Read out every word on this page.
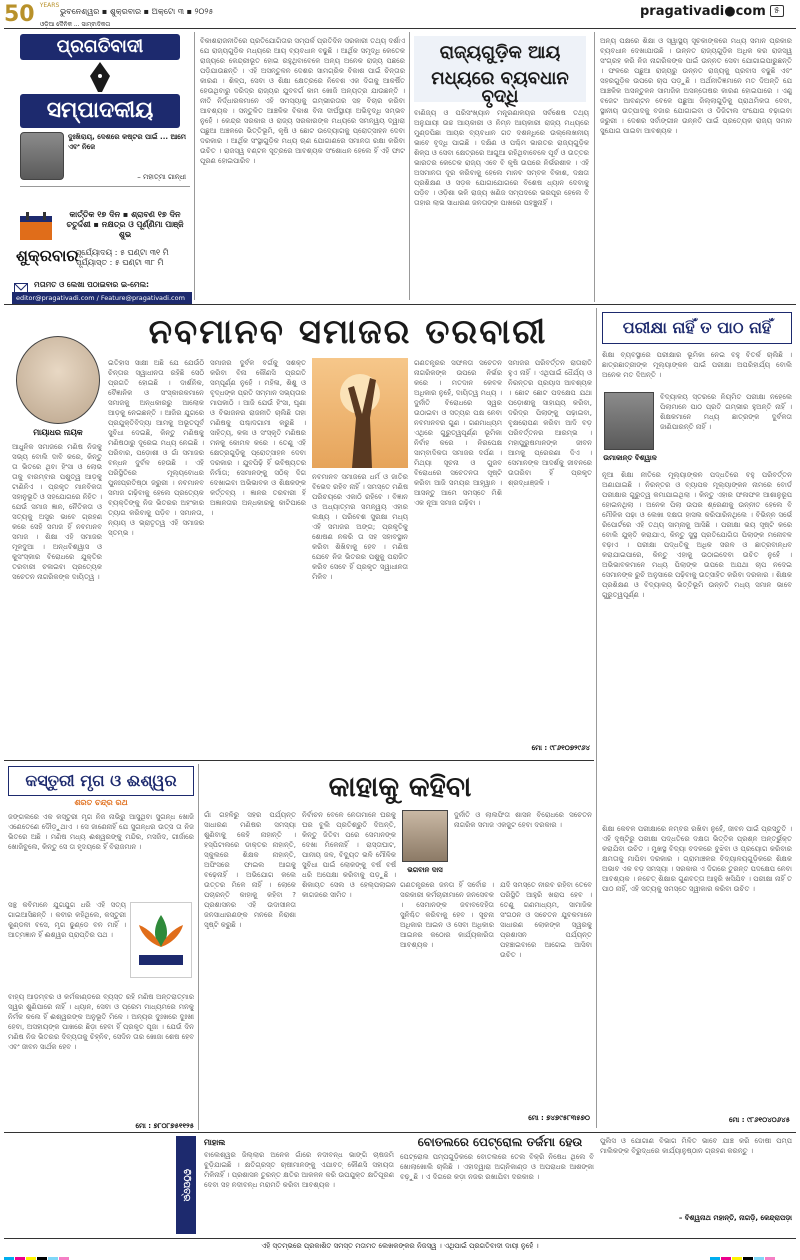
50 $^{YEARS}$
ଭୁବନେଶ୍ୱର ▪ ଶୁକ୍ରବାର ▪ ଅକ୍ଟୋ ୩ ▪ ୨୦୨୫	pragativadi●com ୫
ଓଡ଼ିଆ ଦୈନିକ ... ସାମ୍ବାଦିକତା
ପ୍ରଗତିବାଦୀ
ସମ୍ପାଦକୀୟ
ଦୁଃଖିରାୟ, ଦେଶରେ କଷ୍ଟର ପାଇଁ ... ଆମେ ଏବଂ ନିଜେ
– ମହାତ୍ମା ଗାନ୍ଧୀ
କାର୍ତ୍ତିକ ୧୭ ଦିନ ▪ ଶ୍ରାବଣ ୧୭ ଦିନ ଚତୁର୍ଦ୍ଦଶୀ ▪ ନକ୍ଷତ୍ର ଓ ପୂର୍ଣ୍ଣିମା ପାଞ୍ଜି ଶୁଭ
ଶୁକ୍ରବାର
ସୂର୍ଯ୍ୟୋଦୟ : ୫ ଘଣ୍ଟା ୩୧ ମି
ସୂର୍ଯ୍ୟାସ୍ତ : ୫ ଘଣ୍ଟା ୩୮ ମି
ମତାମତ ଓ ଲେଖା ପଠାଇବାର ଇ-ମେଲ:
editor@pragativadi.com / Feature@pragativadi.com
ବିକାଶରାଜନୀତିରେ ପ୍ରତିଯୋଗିତାର ସମ୍ପର୍କ ପ୍ରତିଦିନ ସରକାରୀ ତଥ୍ୟ ଦର୍ଶାଏ ଯେ ରାଜ୍ୟଗୁଡ଼ିକ ମଧ୍ୟରେ ଆୟ ବ୍ୟବଧାନ ବଢୁଛି । ଆର୍ଥିକ ସମୃଦ୍ଧି କେତେକ ରାଜ୍ୟରେ କେନ୍ଦ୍ରୀଭୂତ ହୋଇ ରହୁଥିବାବେଳେ ଅନ୍ୟ ଅନେକ ରାଜ୍ୟ ପଛରେ ପଡ଼ିଯାଉଛନ୍ତି । ଏହି ଅସନ୍ତୁଳନ ଦେଶର ସାମଗ୍ରିକ ବିକାଶ ପାଇଁ ଚିନ୍ତାର କାରଣ । ଶିଳ୍ପ, ସେବା ଓ ଶିକ୍ଷା କ୍ଷେତ୍ରରେ ନିବେଶ ଏକ ଦିଗକୁ ଆକର୍ଷିତ ହେଉଥିବାରୁ ଦରିଦ୍ର ରାଜ୍ୟର ଯୁବବର୍ଗ କାମ ଖୋଜି ଅନ୍ୟତ୍ର ଯାଉଛନ୍ତି । ନୀତି ନିର୍ଦ୍ଧାରକମାନେ ଏହି ସମସ୍ୟାକୁ ଗମ୍ଭୀରତାର ସହ ବିଚାର କରିବା ଆବଶ୍ୟକ । ସନ୍ତୁଳିତ ଆଞ୍ଚଳିକ ବିକାଶ ବିନା ଦୀର୍ଘସ୍ଥାୟୀ ଅଭିବୃଦ୍ଧି ସମ୍ଭବ ନୁହେଁ । କେନ୍ଦ୍ର ସରକାର ଓ ରାଜ୍ୟ ସରକାରଙ୍କ ମଧ୍ୟରେ ସମନ୍ୱୟ ଦ୍ୱାରା ପଛୁଆ ଅଞ୍ଚଳରେ ଭିତ୍ତିଭୂମି, କୃଷି ଓ ଛୋଟ ଉଦ୍ୟୋଗକୁ ପ୍ରୋତ୍ସାହନ ଦେବା ଦରକାର । ଆର୍ଥିକ ସଂସ୍ଥାଗୁଡ଼ିକ ମଧ୍ୟ ଋଣ ଯୋଗାଣରେ ସମାନତା ରକ୍ଷା କରିବା ଉଚିତ । ରାଜସ୍ୱ ବଣ୍ଟନ ସୂତ୍ରରେ ଆବଶ୍ୟକ ସଂଶୋଧନ ହେଲେ ହିଁ ଏହି ଫାଟ ପୂରଣ ହୋଇପାରିବ ।
ରାଜ୍ୟଗୁଡ଼ିକ ଆୟ
ମଧ୍ୟରେ ବ୍ୟବଧାନ ବୃଦ୍ଧି
ବାଣିଜ୍ୟ ଓ ପରିସଂଖ୍ୟାନ ମନ୍ତ୍ରଣାଳୟର ସର୍ବଶେଷ ତଥ୍ୟ ଅନୁଯାୟୀ ଉଚ୍ଚ ଆୟକାରୀ ଓ ନିମ୍ନ ଆୟକାରୀ ରାଜ୍ୟ ମଧ୍ୟରେ ମୁଣ୍ଡପିଛା ଆୟର ବ୍ୟବଧାନ ଗତ ଦଶନ୍ଧିରେ ଉଲ୍ଲେଖନୀୟ ଭାବେ ବୃଦ୍ଧି ପାଇଛି । ଦକ୍ଷିଣ ଓ ପଶ୍ଚିମ ଭାରତର ରାଜ୍ୟଗୁଡ଼ିକ ଶିଳ୍ପ ଓ ସେବା କ୍ଷେତ୍ରରେ ଆଗୁଆ ରହିଥିବାବେଳେ ପୂର୍ବ ଓ ଉତ୍ତର ଭାରତର କେତେକ ରାଜ୍ୟ ଏବେ ବି କୃଷି ଉପରେ ନିର୍ଭରଶୀଳ । ଏହି ଅସମାନତା ଦୂର କରିବାକୁ ହେଲେ ମାନବ ସମ୍ବଳ ବିକାଶ, ଦକ୍ଷତା ପ୍ରଶିକ୍ଷଣ ଓ ସଡ଼କ ଯୋଗାଯୋଗରେ ବିଶେଷ ଧ୍ୟାନ ଦେବାକୁ ପଡ଼ିବ । ଓଡ଼ିଶା ଭଳି ରାଜ୍ୟ ଖଣିଜ ସମ୍ପଦରେ ଭରପୂର ହେଲେ ବି ତାହାର ଲାଭ ସାଧାରଣ ଜନତାଙ୍କ ପାଖରେ ପହଞ୍ଚୁନାହିଁ ।
ଅନ୍ୟ ପକ୍ଷରେ ଶିକ୍ଷା ଓ ସ୍ୱାସ୍ଥ୍ୟ ସୂଚକାଙ୍କରେ ମଧ୍ୟ ସମାନ ପ୍ରକାର ବ୍ୟବଧାନ ଦେଖାଯାଉଛି । ଉନ୍ନତ ରାଜ୍ୟଗୁଡ଼ିକ ଅଧିକ କର ରାଜସ୍ୱ ସଂଗ୍ରହ କରି ନିଜ ନାଗରିକଙ୍କ ପାଇଁ ଉନ୍ନତ ସେବା ଯୋଗାଇପାରୁଛନ୍ତି । ଫଳରେ ପଛୁଆ ରାଜ୍ୟରୁ ଉନ୍ନତ ରାଜ୍ୟକୁ ପ୍ରବାସ ବଢୁଛି ଏବଂ ସହରଗୁଡ଼ିକ ଉପରେ ଚାପ ପଡ଼ୁଛି । ଅର୍ଥନୀତିଜ୍ଞମାନେ ମତ ଦିଅନ୍ତି ଯେ ଆଞ୍ଚଳିକ ଅସନ୍ତୁଳନ ସାମାଜିକ ଅସନ୍ତୋଷର କାରଣ ହୋଇପାରେ । ଏଣୁ ବଜେଟ ଆବଣ୍ଟନ ବେଳେ ପଛୁଆ ଜିଲ୍ଲାଗୁଡ଼ିକୁ ପ୍ରାଥମିକତା ଦେବା, ସ୍ଥାନୀୟ ଉତ୍ପାଦକୁ ବଜାର ଯୋଗାଇବା ଓ ଡିଜିଟାଲ ସଂଯୋଗ ବଢ଼ାଇବା ଜରୁରୀ । ଦେଶର ସର୍ବାଙ୍ଗୀନ ଉନ୍ନତି ପାଇଁ ପ୍ରତ୍ୟେକ ରାଜ୍ୟ ସମାନ ସୁଯୋଗ ପାଇବା ଆବଶ୍ୟକ ।
ନବମାନବ ସମାଜର ତରବାରୀ
ମାୟାଧର ନାୟକ
ଆଧୁନିକ ସମାଜରେ ମଣିଷ ନିଜକୁ ସଭ୍ୟ ବୋଲି ଦାବି କରେ, କିନ୍ତୁ ତା ଭିତରେ ଥିବା ହିଂସା ଓ ଲୋଭ ତାକୁ ବାରମ୍ବାର ପଶୁତ୍ୱ ଆଡ଼କୁ ଟାଣିନିଏ । ପ୍ରକୃତ ମାନବିକତା ସହାନୁଭୂତି ଓ ସହଯୋଗରେ ନିହିତ । ଯେଉଁ ସମାଜ ଜ୍ଞାନ, ନୈତିକତା ଓ ସତ୍ୟକୁ ଅସ୍ତ୍ର ଭାବେ ଗ୍ରହଣ କରେ ସେହି ସମାଜ ହିଁ ନବମାନବ ସମାଜ । ଶିକ୍ଷା ଏହି ସମାଜର ମୂଳଦୁଆ । ଅନ୍ଧବିଶ୍ୱାସ ଓ କୁସଂସ୍କାର ବିରୋଧରେ ଯୁକ୍ତିର ତରବାରୀ ଚଳାଇବା ପ୍ରତ୍ୟେକ ସଚେତନ ନାଗରିକଙ୍କ ଦାୟିତ୍ୱ ।
ଇତିହାସ ସାକ୍ଷୀ ଅଛି ଯେ ଯେଉଁଠି ଚିନ୍ତାର ସ୍ୱାଧୀନତା ରହିଛି ସେଠି ପ୍ରଗତି ହୋଇଛି । ଦାର୍ଶନିକ, ବୈଜ୍ଞାନିକ ଓ ସଂସ୍କାରକମାନେ ସମାଜକୁ ଅନ୍ଧକାରରୁ ଆଲୋକ ଆଡ଼କୁ ନେଇଛନ୍ତି । ଆଜିର ଯୁଗରେ ପ୍ରଯୁକ୍ତିବିଦ୍ୟା ଆମକୁ ଅଭୂତପୂର୍ବ ସୁବିଧା ଦେଇଛି, କିନ୍ତୁ ମଣିଷକୁ ମଣିଷଠାରୁ ଦୂରେଇ ମଧ୍ୟ ନେଇଛି । ପରିବାର, ପଡ଼ୋଶୀ ଓ ଗାଁ ସମାଜର ବନ୍ଧନ ଦୁର୍ବଳ ହେଉଛି । ଏହି ପରିସ୍ଥିତିରେ ମୂଲ୍ୟବୋଧର ପୁନଃପ୍ରତିଷ୍ଠା ଜରୁରୀ । ନବମାନବ ସମାଜ ଗଢ଼ିବାକୁ ହେଲେ ପ୍ରତ୍ୟେକ ବ୍ୟକ୍ତିଙ୍କୁ ନିଜ ଭିତରର ଅହଂକାର ତ୍ୟାଗ କରିବାକୁ ପଡ଼ିବ । ସମାନତା, ନ୍ୟାୟ ଓ ଭ୍ରାତୃତ୍ୱ ଏହି ସମାଜର ସ୍ତମ୍ଭ ।
ସମାଜର ଦୁର୍ବଳ ବର୍ଗକୁ ସଶକ୍ତ କରିବା ବିନା କୌଣସି ପ୍ରଗତି ସମ୍ପୂର୍ଣ୍ଣ ନୁହେଁ । ମହିଳା, ଶିଶୁ ଓ ବୃଦ୍ଧଙ୍କ ପ୍ରତି ସମ୍ମାନ ସଭ୍ୟତାର ମାପକାଠି । ଆଜି ଯେଉଁ ହିଂସା, ଘୃଣା ଓ ବିଭାଜନର ରାଜନୀତି ଚାଲିଛି ତାହା ମଣିଷକୁ ପଶ୍ଚାଦଗାମୀ କରୁଛି । ସାହିତ୍ୟ, କଳା ଓ ସଂସ୍କୃତି ମଣିଷର ମନକୁ କୋମଳ କରେ । ତେଣୁ ଏହି କ୍ଷେତ୍ରଗୁଡ଼ିକୁ ପ୍ରୋତ୍ସାହନ ଦେବା ଦରକାର । ଯୁବପିଢ଼ି ହିଁ ଭବିଷ୍ୟତର ନିର୍ମାତା; ସେମାନଙ୍କୁ ସଠିକ୍ ଦିଗ ଦେଖାଇବା ଅଭିଭାବକ ଓ ଶିକ୍ଷକଙ୍କ କର୍ତ୍ତବ୍ୟ । ଜ୍ଞାନର ତରବାରୀ ହିଁ ଅଜ୍ଞାନତାର ଅନ୍ଧକାରକୁ କାଟିପାରେ ।
ନବମାନବ ସମାଜରେ ଧର୍ମ ଓ ଜାତିର ବିଭେଦ ରହିବ ନାହିଁ । ସମସ୍ତେ ମଣିଷ ପରିଚୟରେ ଏକାଠି ରହିବେ । ବିଜ୍ଞାନ ଓ ଅଧ୍ୟାତ୍ମର ସମନ୍ୱୟ ଏହାର ଲକ୍ଷ୍ୟ । ପରିବେଶ ସୁରକ୍ଷା ମଧ୍ୟ ଏହି ସମାଜର ଅଙ୍ଗ; ପ୍ରକୃତିକୁ ଶୋଷଣ ନକରି ତା ସହ ସହାବସ୍ଥାନ କରିବା ଶିଖିବାକୁ ହେବ । ମଣିଷ ଯେବେ ନିଜ ଭିତରର ପଶୁକୁ ପରାଜିତ କରିବ ସେବେ ହିଁ ପ୍ରକୃତ ସ୍ୱାଧୀନତା ମିଳିବ ।
ଗଣତନ୍ତ୍ରର ସଫଳତା ସଚେତନ ନାଗରିକଙ୍କ ଉପରେ ନିର୍ଭର କରେ । ମତଦାନ କେବଳ ଅଧିକାର ନୁହେଁ, ଦାୟିତ୍ୱ ମଧ୍ୟ । ଦୁର୍ନୀତି ବିରୋଧରେ ସ୍ୱର ଉଠାଇବା ଓ ସତ୍ୟର ପକ୍ଷ ନେବା ନବମାନବର ଗୁଣ । ଗଣମାଧ୍ୟମ ଏଥିରେ ଗୁରୁତ୍ୱପୂର୍ଣ୍ଣ ଭୂମିକା ନିର୍ବାହ କରେ । ନିରପେକ୍ଷ ସାମ୍ବାଦିକତା ସମାଜର ଦର୍ପଣ । ମିଥ୍ୟା ସୂଚନା ଓ ଗୁଜବ ବିରୋଧରେ ସଚେତନତା ସୃଷ୍ଟି କରିବା ଆଜି ସମୟର ଆହ୍ୱାନ । ଆସନ୍ତୁ ଆମେ ସମସ୍ତେ ମିଶି ଏକ ନୂଆ ସମାଜ ଗଢ଼ିବା ।
ସମାଜର ପରିବର୍ତ୍ତନ ରାତାରାତି ହୁଏ ନାହିଁ । ଏଥିପାଇଁ ଧୈର୍ଯ୍ୟ ଓ ନିରନ୍ତର ପ୍ରୟାସ ଆବଶ୍ୟକ । ଛୋଟ ଛୋଟ ପଦକ୍ଷେପ ଯଥା ପଡ଼ୋଶୀକୁ ସାହାଯ୍ୟ କରିବା, ଦରିଦ୍ର ପିଲାଙ୍କୁ ପଢ଼ାଇବା, ବୃକ୍ଷରୋପଣ କରିବା ଆଦି ବଡ଼ ପରିବର୍ତ୍ତନର ଆରମ୍ଭ । ମହାପୁରୁଷମାନଙ୍କ ଜୀବନ ଆମକୁ ପ୍ରେରଣା ଦିଏ । ସେମାନଙ୍କ ଆଦର୍ଶକୁ ଜୀବନରେ ଉତାରିବା ହିଁ ପ୍ରକୃତ ଶ୍ରଦ୍ଧାଞ୍ଜଳି ।
ମୋ : ୯୮୬୧୦୭୨୯୬୪
ପରୀକ୍ଷା ନାହିଁ ତ ପାଠ ନାହିଁ
ଶିକ୍ଷା ବ୍ୟବସ୍ଥାରେ ପରୀକ୍ଷାର ଭୂମିକା ନେଇ ବହୁ ବିତର୍କ ଚାଲିଛି । ଛାତ୍ରଛାତ୍ରୀଙ୍କ ମୂଲ୍ୟାଙ୍କନ ପାଇଁ ପରୀକ୍ଷା ଅପରିହାର୍ଯ୍ୟ ବୋଲି ଅନେକ ମତ ଦିଅନ୍ତି ।
ଉମାକାନ୍ତ ବିଶ୍ୱାଳ
ବିଦ୍ୟାଳୟ ସ୍ତରରେ ନିୟମିତ ପରୀକ୍ଷା ନହେଲେ ପିଲାମାନେ ପାଠ ପ୍ରତି ଗମ୍ଭୀର ହୁଅନ୍ତି ନାହିଁ । ଶିକ୍ଷକମାନେ ମଧ୍ୟ ଛାତ୍ରଙ୍କ ଦୁର୍ବଳତା ଜାଣିପାରନ୍ତି ନାହିଁ ।
ନୂଆ ଶିକ୍ଷା ନୀତିରେ ମୂଲ୍ୟାଙ୍କନ ପଦ୍ଧତିରେ ବହୁ ପରିବର୍ତ୍ତନ ଅଣାଯାଇଛି । ନିରନ୍ତର ଓ ବ୍ୟାପକ ମୂଲ୍ୟାଙ୍କନ ନାମରେ ବୋର୍ଡ ପରୀକ୍ଷାର ଗୁରୁତ୍ୱ କମାଯାଇଥିଲା । କିନ୍ତୁ ଏହାର ଫଳାଫଳ ଆଶାନୁରୂପ ହୋଇନଥିଲା । ଅନେକ ପିଲା ଉପର ଶ୍ରେଣୀକୁ ଉନ୍ନୀତ ହେଲେ ବି ମୌଳିକ ପଢ଼ା ଓ ଲେଖା ଦକ୍ଷତା ହାସଲ କରିପାରିନଥିଲେ । ବିଭିନ୍ନ ସର୍ଭେ ରିପୋର୍ଟରେ ଏହି ତଥ୍ୟ ସାମ୍ନାକୁ ଆସିଛି । ପରୀକ୍ଷା ଭୟ ସୃଷ୍ଟି କରେ ବୋଲି ଯୁକ୍ତି କରାଯାଏ, କିନ୍ତୁ ସୁସ୍ଥ ପ୍ରତିଯୋଗିତା ପିଲାଙ୍କ ମନୋବଳ ବଢ଼ାଏ । ପରୀକ୍ଷା ପଦ୍ଧତିକୁ ଅଧିକ ସରଳ ଓ ଛାତ୍ରବାନ୍ଧବ କରାଯାଇପାରେ, କିନ୍ତୁ ଏହାକୁ ଉଠାଇଦେବା ଉଚିତ ନୁହେଁ । ଅଭିଭାବକମାନେ ମଧ୍ୟ ପିଲାଙ୍କ ଉପରେ ଅଯଥା ଚାପ ନଦେଇ ସେମାନଙ୍କ ରୁଚି ଅନୁସାରେ ପଢ଼ିବାକୁ ଉତ୍ସାହିତ କରିବା ଦରକାର । ଶିକ୍ଷକ ପ୍ରଶିକ୍ଷଣ ଓ ବିଦ୍ୟାଳୟ ଭିତ୍ତିଭୂମି ଉନ୍ନତି ମଧ୍ୟ ସମାନ ଭାବେ ଗୁରୁତ୍ୱପୂର୍ଣ୍ଣ ।
ଶିକ୍ଷା କେବଳ ପରୀକ୍ଷାରେ ନମ୍ବର ରଖିବା ନୁହେଁ, ଜୀବନ ପାଇଁ ପ୍ରସ୍ତୁତି । ଏହି ଦୃଷ୍ଟିରୁ ପରୀକ୍ଷା ପଦ୍ଧତିରେ ଦକ୍ଷତା ଭିତ୍ତିକ ପ୍ରଶ୍ନ ଅନ୍ତର୍ଭୁକ୍ତ କରାଯିବା ଉଚିତ । ମୁଖସ୍ଥ ବିଦ୍ୟା ବଦଳରେ ବୁଝିବା ଓ ପ୍ରୟୋଗ କରିବାର କ୍ଷମତାକୁ ମାପିବା ଦରକାର । ଗ୍ରାମାଞ୍ଚଳର ବିଦ୍ୟାଳୟଗୁଡ଼ିକରେ ଶିକ୍ଷକ ଅଭାବ ଏକ ବଡ଼ ସମସ୍ୟା । ସରକାର ଏ ଦିଗରେ ତୁରନ୍ତ ପଦକ୍ଷେପ ନେବା ଆବଶ୍ୟକ । ନଚେତ୍ ଶିକ୍ଷାର ଗୁଣବତ୍ତା ଆହୁରି ଖସିଯିବ । ପରୀକ୍ଷା ନାହିଁ ତ ପାଠ ନାହିଁ, ଏହି ସତ୍ୟକୁ ସମସ୍ତେ ସ୍ୱୀକାର କରିବା ଉଚିତ ।
ମୋ : ୯୮୬୧୦୪୦୬୪୫
କସ୍ତୁରୀ ମୃଗ ଓ ଈଶ୍ୱର
ଶରତ ଚନ୍ଦ୍ର ରଥ
ଜଙ୍ଗଲରେ ଏକ କସ୍ତୁରୀ ମୃଗ ନିଜ ନାଭିରୁ ଆସୁଥିବା ସୁଗନ୍ଧ ଖୋଜି ଏଣେତେଣେ ଦୌଡ଼ୁଥାଏ । ସେ ଜାଣେନାହିଁ ଯେ ସୁଗନ୍ଧର ଉତ୍ସ ତା ନିଜ ଭିତରେ ଅଛି । ମଣିଷ ମଧ୍ୟ ଈଶ୍ୱରଙ୍କୁ ମନ୍ଦିର, ମସଜିଦ, ଗୀର୍ଜାରେ ଖୋଜିବୁଲେ, କିନ୍ତୁ ସେ ତା ହୃଦୟରେ ହିଁ ବିରାଜମାନ ।
ସନ୍ଥ କବିମାନେ ଯୁଗଯୁଗ ଧରି ଏହି ସତ୍ୟ ଗାଇଆସିଛନ୍ତି । କବୀର କହିଥିଲେ, କସ୍ତୁରୀ କୁଣ୍ଡଳୀ ବସେ, ମୃଗ ଢୁଣ୍ଡେ ବନ ମାହିଁ । ଆତ୍ମଜ୍ଞାନ ହିଁ ଈଶ୍ୱର ପ୍ରାପ୍ତିର ପଥ ।
ବାହ୍ୟ ଆଡ଼ମ୍ବର ଓ କର୍ମକାଣ୍ଡରେ ବ୍ୟସ୍ତ ରହି ମଣିଷ ଅନ୍ତରାତ୍ମାର ସ୍ୱର ଶୁଣିପାରେ ନାହିଁ । ଧ୍ୟାନ, ସେବା ଓ ପ୍ରେମ ମାଧ୍ୟମରେ ମନକୁ ନିର୍ମଳ କଲେ ହିଁ ଈଶ୍ୱରଙ୍କ ଅନୁଭୂତି ମିଳେ । ଅନ୍ୟର ଦୁଃଖରେ ଦୁଃଖୀ ହେବା, ଅସହାୟଙ୍କ ପାଖରେ ଛିଡ଼ା ହେବା ହିଁ ପ୍ରକୃତ ପୂଜା । ଯେଉଁ ଦିନ ମଣିଷ ନିଜ ଭିତରର ଦିବ୍ୟତାକୁ ଚିହ୍ନିବ, ସେଦିନ ତାର ଖୋଜା ଶେଷ ହେବ ଏବଂ ଜୀବନ ସାର୍ଥକ ହେବ ।
ମୋ : ୭୮୦୮୭୫୧୧୨୫
କାହାକୁ କହିବା
ଗାଁ ଗହଳିରୁ ସହର ପର୍ଯ୍ୟନ୍ତ ସାଧାରଣ ମଣିଷର ସମସ୍ୟା ଶୁଣିବାକୁ କେହି ନାହାନ୍ତି । ହସ୍ପିଟାଲରେ ଡାକ୍ତର ନାହାନ୍ତି, ସ୍କୁଲରେ ଶିକ୍ଷକ ନାହାନ୍ତି, ଅଫିସରେ ଫାଇଲ ଆଗକୁ ବଢ଼େନାହିଁ । ଅଭିଯୋଗ କଲେ ଉତ୍ତର ମିଳେ ନାହିଁ । ଲୋକେ ପଚାରନ୍ତି କାହାକୁ କହିବା ? ପ୍ରଶାସନର ଏହି ଉଦାସୀନତା ଜନସାଧାରଣଙ୍କ ମନରେ ନିରାଶା ସୃଷ୍ଟି କରୁଛି ।
ନିର୍ବାଚନ ବେଳେ ନେତାମାନେ ଘରକୁ ଘର ବୁଲି ପ୍ରତିଶ୍ରୁତି ଦିଅନ୍ତି, କିନ୍ତୁ ଜିତିବା ପରେ ସେମାନଙ୍କ ଦେଖା ମିଳେନାହିଁ । ରାସ୍ତାଘାଟ, ପାନୀୟ ଜଳ, ବିଦ୍ୟୁତ ଭଳି ମୌଳିକ ସୁବିଧା ପାଇଁ ଲୋକଙ୍କୁ ବର୍ଷ ବର୍ଷ ଧରି ଅପେକ୍ଷା କରିବାକୁ ପଡ଼ୁଛି । ଶିକାୟତ ସେଲ ଓ ହେଲ୍ପଲାଇନ କାଗଜରେ ସୀମିତ ।
ଭଗବାନ ଦାସ
ଗଣତନ୍ତ୍ରରେ ଜନତା ହିଁ ସର୍ବୋଚ୍ଚ । ସରକାରୀ କର୍ମଚାରୀମାନେ ଜନସେବକ । ସେମାନଙ୍କ ଜବାବଦେହିତା ସୁନିଶ୍ଚିତ କରିବାକୁ ହେବ । ସୂଚନା ଅଧିକାର ଆଇନ ଓ ସେବା ଅଧିକାର ଆଇନର କଠୋର କାର୍ଯ୍ୟକାରିତା ଆବଶ୍ୟକ ।
ଦୁର୍ନୀତି ଓ ଲାଲଫିତା ଶାସନ ବିରୋଧରେ ସଚେତନ ନାଗରିକ ସମାଜ ଏକଜୁଟ ହେବା ଦରକାର ।
ଯଦି ସମସ୍ତେ ନୀରବ ରହିବା ତେବେ ପରିସ୍ଥିତି ଆହୁରି ଖରାପ ହେବ । ତେଣୁ ଗଣମାଧ୍ୟମ, ସାମାଜିକ ସଂଗଠନ ଓ ସଚେତନ ଯୁବକମାନେ ସାଧାରଣ ଲୋକଙ୍କ ସ୍ୱରକୁ ପ୍ରଶାସନ ପର୍ଯ୍ୟନ୍ତ ପହଞ୍ଚାଇବାରେ ଆଗେଇ ଆସିବା ଉଚିତ ।
ମୋ : ୭୪୭୯୫୮୩୫୭୦
ଚିଠିପତ୍ର
ମାହାଲ
ବାଲେଶ୍ୱର ଜିଲ୍ଲାର ଅନେକ ଗାଁରେ ନଦୀବନ୍ଧ ଭାଙ୍ଗି ଚାଷଜମି ବୁଡ଼ିଯାଇଛି । କ୍ଷତିଗ୍ରସ୍ତ ଚାଷୀମାନଙ୍କୁ ଏଯାବତ୍ କୌଣସି ସହାୟତା ମିଳିନାହିଁ । ପ୍ରଶାସନ ତୁରନ୍ତ କ୍ଷତିର ଆକଳନ କରି ଉପଯୁକ୍ତ କ୍ଷତିପୂରଣ ଦେବା ସହ ନଦୀବନ୍ଧ ମରାମତି କରିବା ଆବଶ୍ୟକ ।
ବୋତଲରେ ପେଟ୍ରୋଲ ତର୍ଜମା ହେଉ
ପେଟ୍ରୋଲ ପମ୍ପଗୁଡ଼ିକରେ ବୋତଲରେ ତେଲ ବିକ୍ରି ନିଷେଧ ଥିଲେ ବି ଖୋଲାଖୋଲି ଚାଲିଛି । ଏହାଦ୍ୱାରା ଅଗ୍ନିକାଣ୍ଡ ଓ ଅପରାଧର ଆଶଙ୍କା ବଢ଼ୁଛି । ଏ ଦିଗରେ କଡ଼ା ନଜର ରଖାଯିବା ଦରକାର ।
ପୁଲିସ ଓ ଯୋଗାଣ ବିଭାଗ ମିଳିତ ଭାବେ ଯାଞ୍ଚ କରି ଦୋଷୀ ପମ୍ପ ମାଲିକଙ୍କ ବିରୁଦ୍ଧରେ କାର୍ଯ୍ୟାନୁଷ୍ଠାନ ଗ୍ରହଣ କରନ୍ତୁ ।
– ବିଶ୍ୱନାଥ ମହାନ୍ତି, ନାଗଡ଼ି, କେନ୍ଦ୍ରାପଡ଼ା
ଏହି ସ୍ତମ୍ଭରେ ପ୍ରକାଶିତ ସମସ୍ତ ମତାମତ ଲେଖକଙ୍କର ନିଜସ୍ୱ । ଏଥିପାଇଁ ପ୍ରଗତିବାଦୀ ଦାୟୀ ନୁହେଁ ।
